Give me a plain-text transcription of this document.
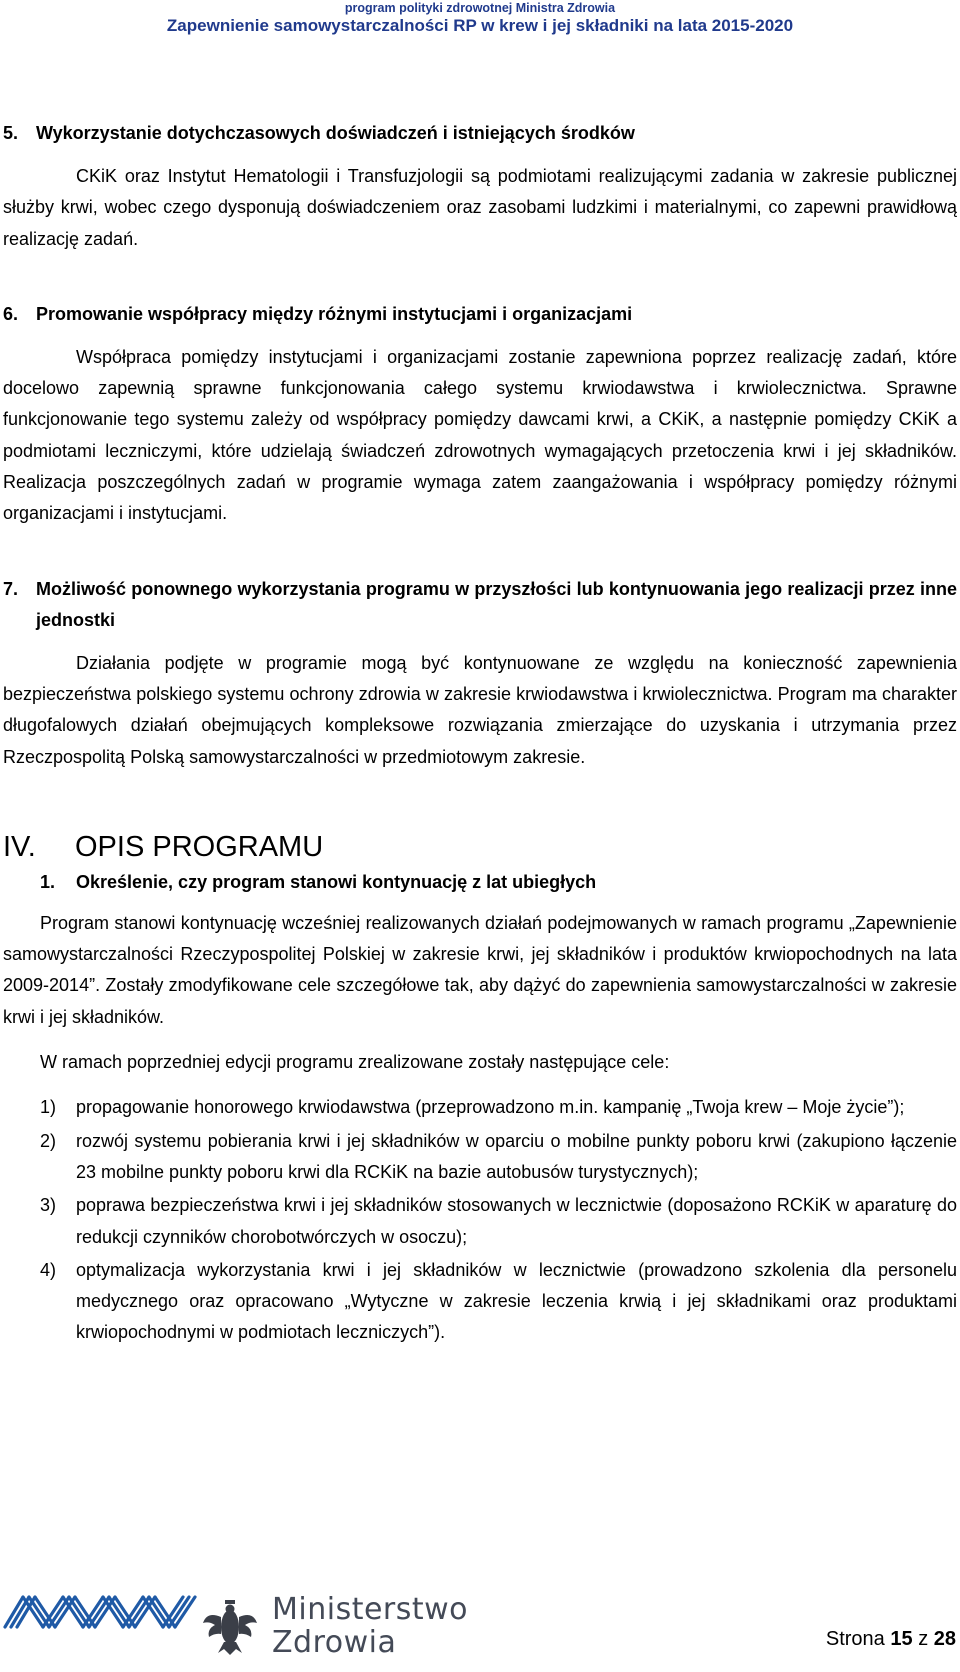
program polityki zdrowotnej Ministra Zdrowia
Zapewnienie samowystarczalności RP w krew i jej składniki na lata 2015-2020
5. Wykorzystanie dotychczasowych doświadczeń i istniejących środków

CKiK oraz Instytut Hematologii i Transfuzjologii są podmiotami realizującymi zadania w zakresie publicznej służby krwi, wobec czego dysponują doświadczeniem oraz zasobami ludzkimi i materialnymi, co zapewni prawidłową realizację zadań.

6. Promowanie współpracy między różnymi instytucjami i organizacjami

Współpraca pomiędzy instytucjami i organizacjami zostanie zapewniona poprzez realizację zadań, które docelowo zapewnią sprawne funkcjonowania całego systemu krwiodawstwa i krwiolecznictwa. Sprawne funkcjonowanie tego systemu zależy od współpracy pomiędzy dawcami krwi, a CKiK, a następnie pomiędzy CKiK a podmiotami leczniczymi, które udzielają świadczeń zdrowotnych wymagających przetoczenia krwi i jej składników. Realizacja poszczególnych zadań w programie wymaga zatem zaangażowania i współpracy pomiędzy różnymi organizacjami i instytucjami.

7. Możliwość ponownego wykorzystania programu w przyszłości lub kontynuowania jego realizacji przez inne jednostki

Działania podjęte w programie mogą być kontynuowane ze względu na konieczność zapewnienia bezpieczeństwa polskiego systemu ochrony zdrowia w zakresie krwiodawstwa i krwiolecznictwa. Program ma charakter długofalowych działań obejmujących kompleksowe rozwiązania zmierzające do uzyskania i utrzymania przez Rzeczpospolitą Polską samowystarczalności w przedmiotowym zakresie.

IV.	OPIS PROGRAMU
1.	Określenie, czy program stanowi kontynuację z lat ubiegłych

Program stanowi kontynuację wcześniej realizowanych działań podejmowanych w ramach programu „Zapewnienie samowystarczalności Rzeczypospolitej Polskiej w zakresie krwi, jej składników i produktów krwiopochodnych na lata 2009-2014”. Zostały zmodyfikowane cele szczegółowe tak, aby dążyć do zapewnienia samowystarczalności w zakresie krwi i jej składników.

W ramach poprzedniej edycji programu zrealizowane zostały następujące cele:

1)	propagowanie honorowego krwiodawstwa (przeprowadzono m.in. kampanię „Twoja krew – Moje życie”);
2)	rozwój systemu pobierania krwi i jej składników w oparciu o mobilne punkty poboru krwi (zakupiono łączenie 23 mobilne punkty poboru krwi dla RCKiK na bazie autobusów turystycznych);
3)	poprawa bezpieczeństwa krwi i jej składników stosowanych w lecznictwie (doposażono RCKiK w aparaturę do redukcji czynników chorobotwórczych w osoczu);
4)	optymalizacja wykorzystania krwi i jej składników w lecznictwie (prowadzono szkolenia dla personelu medycznego oraz opracowano „Wytyczne w zakresie leczenia krwią i jej składnikami oraz produktami krwiopochodnymi w podmiotach leczniczych”).
Ministerstwo
Zdrowia	Strona 15 z 28
